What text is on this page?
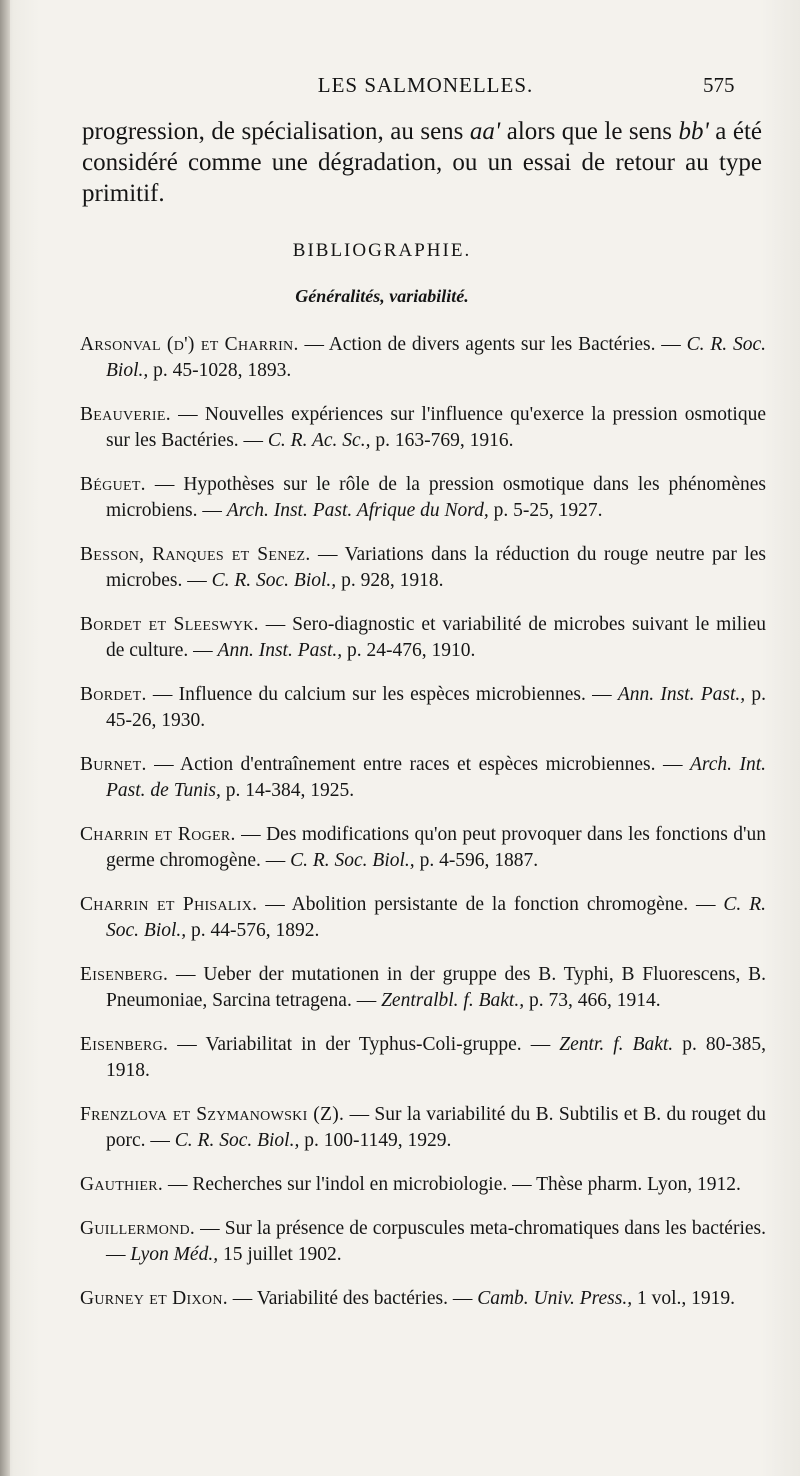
LES SALMONELLES.	575
progression, de spécialisation, au sens aa' alors que le sens bb' a été considéré comme une dégradation, ou un essai de retour au type primitif.
BIBLIOGRAPHIE.
Généralités, variabilité.
Arsonval (d') et Charrin. — Action de divers agents sur les Bactéries. — C. R. Soc. Biol., p. 45-1028, 1893.
Beauverie. — Nouvelles expériences sur l'influence qu'exerce la pression osmotique sur les Bactéries. — C. R. Ac. Sc., p. 163-769, 1916.
Béguet. — Hypothèses sur le rôle de la pression osmotique dans les phénomènes microbiens. — Arch. Inst. Past. Afrique du Nord, p. 5-25, 1927.
Besson, Ranques et Senez. — Variations dans la réduction du rouge neutre par les microbes. — C. R. Soc. Biol., p. 928, 1918.
Bordet et Sleeswyk. — Sero-diagnostic et variabilité de microbes suivant le milieu de culture. — Ann. Inst. Past., p. 24-476, 1910.
Bordet. — Influence du calcium sur les espèces microbiennes. — Ann. Inst. Past., p. 45-26, 1930.
Burnet. — Action d'entraînement entre races et espèces microbiennes. — Arch. Int. Past. de Tunis, p. 14-384, 1925.
Charrin et Roger. — Des modifications qu'on peut provoquer dans les fonctions d'un germe chromogène. — C. R. Soc. Biol., p. 4-596, 1887.
Charrin et Phisalix. — Abolition persistante de la fonction chromogène. — C. R. Soc. Biol., p. 44-576, 1892.
Eisenberg. — Ueber der mutationen in der gruppe des B. Typhi, B Fluorescens, B. Pneumoniae, Sarcina tetragena. — Zentralbl. f. Bakt., p. 73, 466, 1914.
Eisenberg. — Variabilitat in der Typhus-Coli-gruppe. — Zentr. f. Bakt. p. 80-385, 1918.
Frenzlova et Szymanowski (Z). — Sur la variabilité du B. Subtilis et B. du rouget du porc. — C. R. Soc. Biol., p. 100-1149, 1929.
Gauthier. — Recherches sur l'indol en microbiologie. — Thèse pharm. Lyon, 1912.
Guillermond. — Sur la présence de corpuscules meta-chromatiques dans les bactéries. — Lyon Méd., 15 juillet 1902.
Gurney et Dixon. — Variabilité des bactéries. — Camb. Univ. Press., 1 vol., 1919.
